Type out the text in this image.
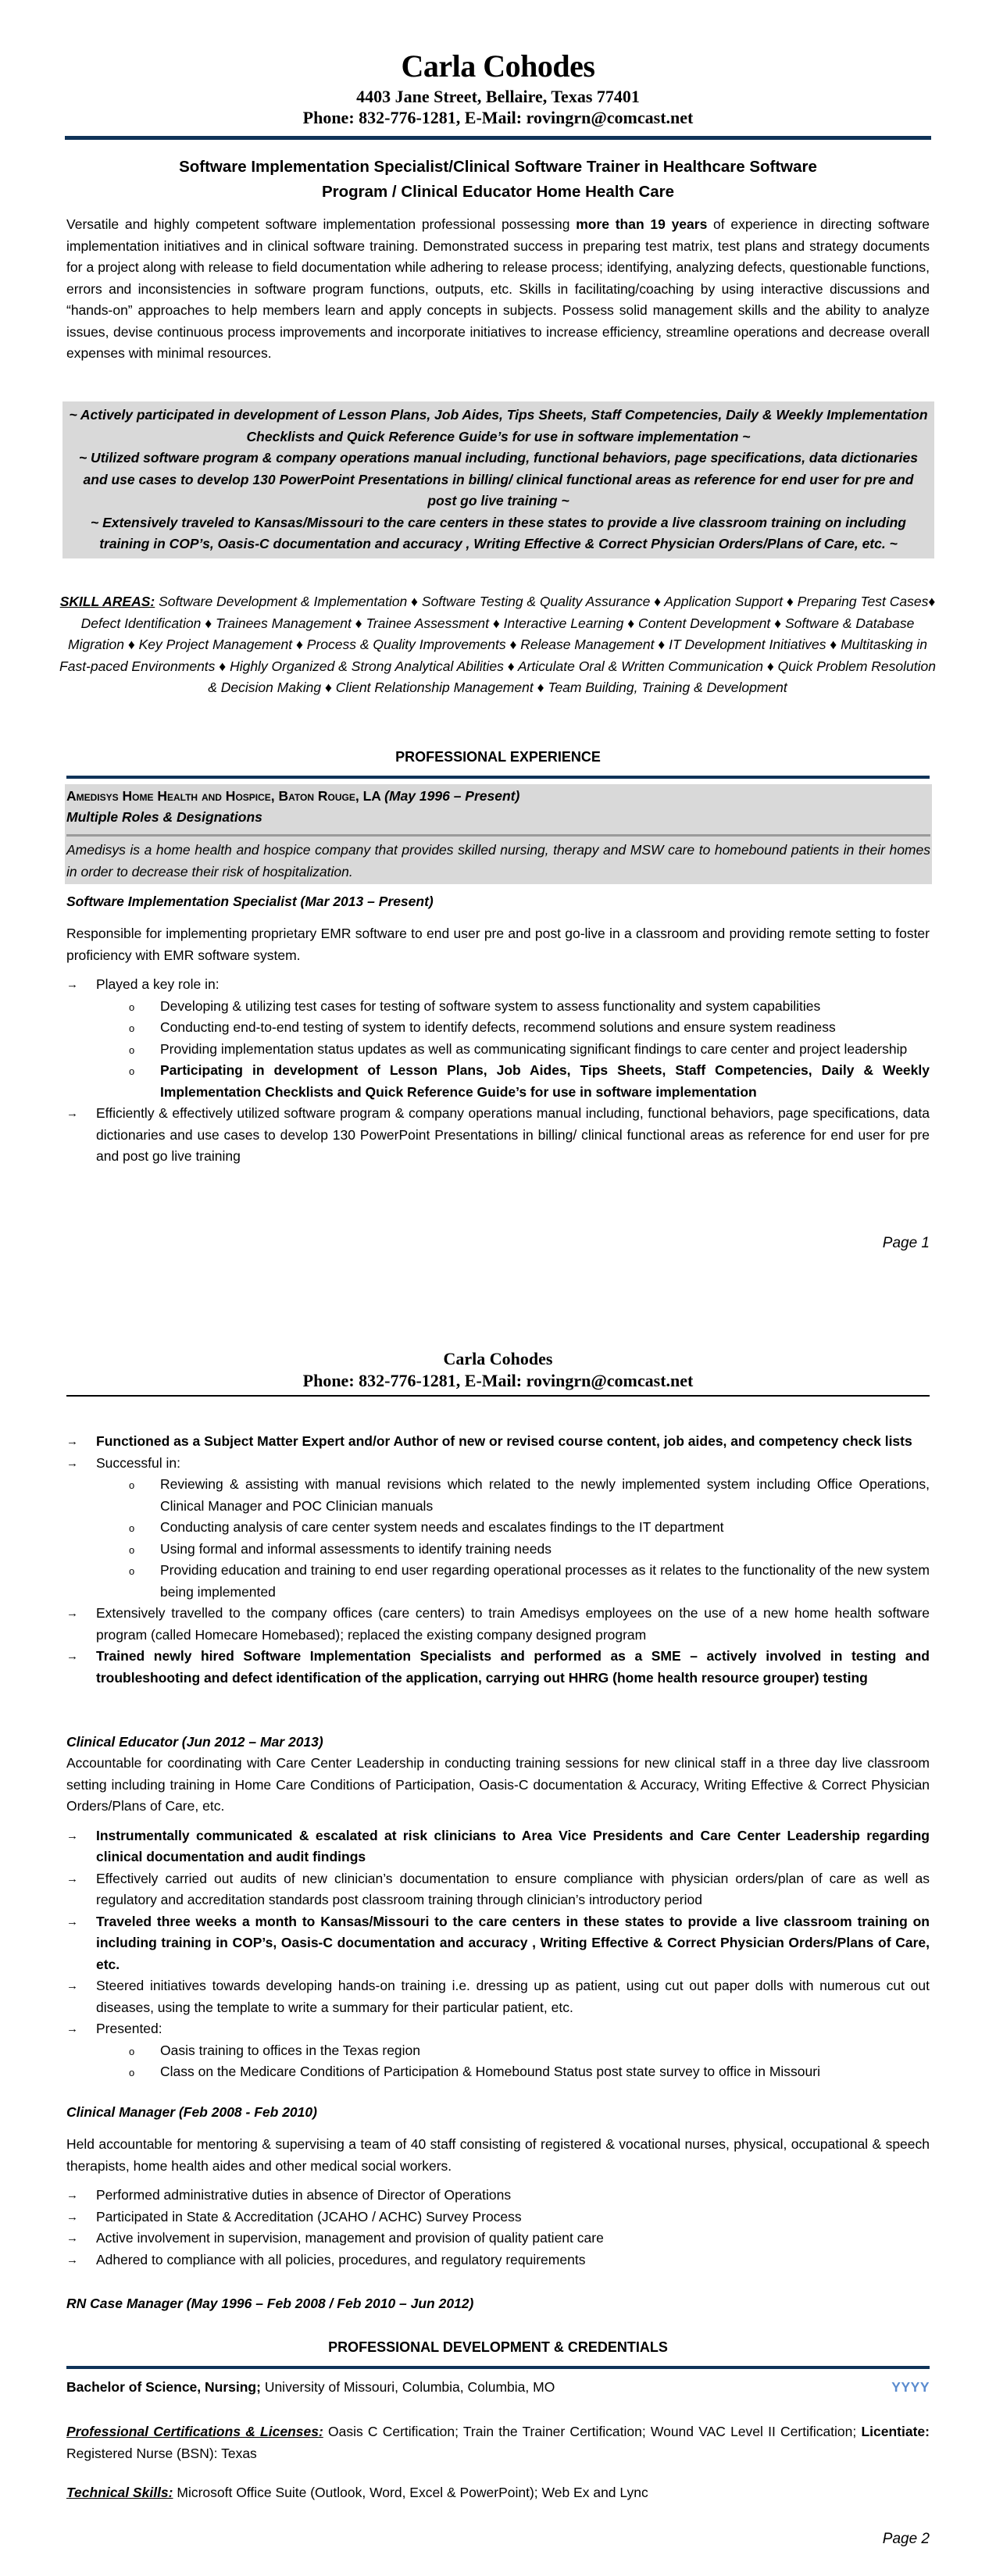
Carla Cohodes
4403 Jane Street, Bellaire, Texas 77401
Phone: 832-776-1281, E-Mail: rovingrn@comcast.net
Software Implementation Specialist/Clinical Software Trainer in Healthcare Software
Program / Clinical Educator Home Health Care
Versatile and highly competent software implementation professional possessing more than 19 years of experience in directing software implementation initiatives and in clinical software training. Demonstrated success in preparing test matrix, test plans and strategy documents for a project along with release to field documentation while adhering to release process; identifying, analyzing defects, questionable functions, errors and inconsistencies in software program functions, outputs, etc. Skills in facilitating/coaching by using interactive discussions and “hands-on” approaches to help members learn and apply concepts in subjects. Possess solid management skills and the ability to analyze issues, devise continuous process improvements and incorporate initiatives to increase efficiency, streamline operations and decrease overall expenses with minimal resources.
~ Actively participated in development of Lesson Plans, Job Aides, Tips Sheets, Staff Competencies, Daily & Weekly Implementation Checklists and Quick Reference Guide’s for use in software implementation ~
~ Utilized software program & company operations manual including, functional behaviors, page specifications, data dictionaries and use cases to develop 130 PowerPoint Presentations in billing/ clinical functional areas as reference for end user for pre and post go live training ~
~ Extensively traveled to Kansas/Missouri to the care centers in these states to provide a live classroom training on including training in COP’s, Oasis-C documentation and accuracy , Writing Effective & Correct Physician Orders/Plans of Care, etc. ~
SKILL AREAS: Software Development & Implementation ♦ Software Testing & Quality Assurance ♦ Application Support ♦ Preparing Test Cases♦ Defect Identification ♦ Trainees Management ♦ Trainee Assessment ♦ Interactive Learning ♦ Content Development ♦ Software & Database Migration ♦ Key Project Management ♦ Process & Quality Improvements ♦ Release Management ♦ IT Development Initiatives ♦ Multitasking in Fast-paced Environments ♦ Highly Organized & Strong Analytical Abilities ♦ Articulate Oral & Written Communication ♦ Quick Problem Resolution & Decision Making ♦ Client Relationship Management ♦ Team Building, Training & Development
PROFESSIONAL EXPERIENCE
Amedisys Home Health and Hospice, Baton Rouge, LA (May 1996 – Present)
Multiple Roles & Designations
Amedisys is a home health and hospice company that provides skilled nursing, therapy and MSW care to homebound patients in their homes in order to decrease their risk of hospitalization.
Software Implementation Specialist (Mar 2013 – Present)
Responsible for implementing proprietary EMR software to end user pre and post go-live in a classroom and providing remote setting to foster proficiency with EMR software system.
→ Played a key role in:
o Developing & utilizing test cases for testing of software system to assess functionality and system capabilities
o Conducting end-to-end testing of system to identify defects, recommend solutions and ensure system readiness
o Providing implementation status updates as well as communicating significant findings to care center and project leadership
o Participating in development of Lesson Plans, Job Aides, Tips Sheets, Staff Competencies, Daily & Weekly Implementation Checklists and Quick Reference Guide’s for use in software implementation
→ Efficiently & effectively utilized software program & company operations manual including, functional behaviors, page specifications, data dictionaries and use cases to develop 130 PowerPoint Presentations in billing/ clinical functional areas as reference for end user for pre and post go live training
Page 1
Carla Cohodes
Phone: 832-776-1281, E-Mail: rovingrn@comcast.net
→ Functioned as a Subject Matter Expert and/or Author of new or revised course content, job aides, and competency check lists
→ Successful in:
o Reviewing & assisting with manual revisions which related to the newly implemented system including Office Operations, Clinical Manager and POC Clinician manuals
o Conducting analysis of care center system needs and escalates findings to the IT department
o Using formal and informal assessments to identify training needs
o Providing education and training to end user regarding operational processes as it relates to the functionality of the new system being implemented
→ Extensively travelled to the company offices (care centers) to train Amedisys employees on the use of a new home health software program (called Homecare Homebased); replaced the existing company designed program
→ Trained newly hired Software Implementation Specialists and performed as a SME – actively involved in testing and troubleshooting and defect identification of the application, carrying out HHRG (home health resource grouper) testing
Clinical Educator (Jun 2012 – Mar 2013)
Accountable for coordinating with Care Center Leadership in conducting training sessions for new clinical staff in a three day live classroom setting including training in Home Care Conditions of Participation, Oasis-C documentation & Accuracy, Writing Effective & Correct Physician Orders/Plans of Care, etc.
→ Instrumentally communicated & escalated at risk clinicians to Area Vice Presidents and Care Center Leadership regarding clinical documentation and audit findings
→ Effectively carried out audits of new clinician’s documentation to ensure compliance with physician orders/plan of care as well as regulatory and accreditation standards post classroom training through clinician’s introductory period
→ Traveled three weeks a month to Kansas/Missouri to the care centers in these states to provide a live classroom training on including training in COP’s, Oasis-C documentation and accuracy , Writing Effective & Correct Physician Orders/Plans of Care, etc.
→ Steered initiatives towards developing hands-on training i.e. dressing up as patient, using cut out paper dolls with numerous cut out diseases, using the template to write a summary for their particular patient, etc.
→ Presented:
o Oasis training to offices in the Texas region
o Class on the Medicare Conditions of Participation & Homebound Status post state survey to office in Missouri
Clinical Manager (Feb 2008 - Feb 2010)
Held accountable for mentoring & supervising a team of 40 staff consisting of registered & vocational nurses, physical, occupational & speech therapists, home health aides and other medical social workers.
→ Performed administrative duties in absence of Director of Operations
→ Participated in State & Accreditation (JCAHO / ACHC) Survey Process
→ Active involvement in supervision, management and provision of quality patient care
→ Adhered to compliance with all policies, procedures, and regulatory requirements
RN Case Manager (May 1996 – Feb 2008 / Feb 2010 – Jun 2012)
PROFESSIONAL DEVELOPMENT & CREDENTIALS
Bachelor of Science, Nursing; University of Missouri, Columbia, Columbia, MO	YYYY
Professional Certifications & Licenses: Oasis C Certification; Train the Trainer Certification; Wound VAC Level II Certification; Licentiate: Registered Nurse (BSN): Texas
Technical Skills: Microsoft Office Suite (Outlook, Word, Excel & PowerPoint); Web Ex and Lync
Page 2
